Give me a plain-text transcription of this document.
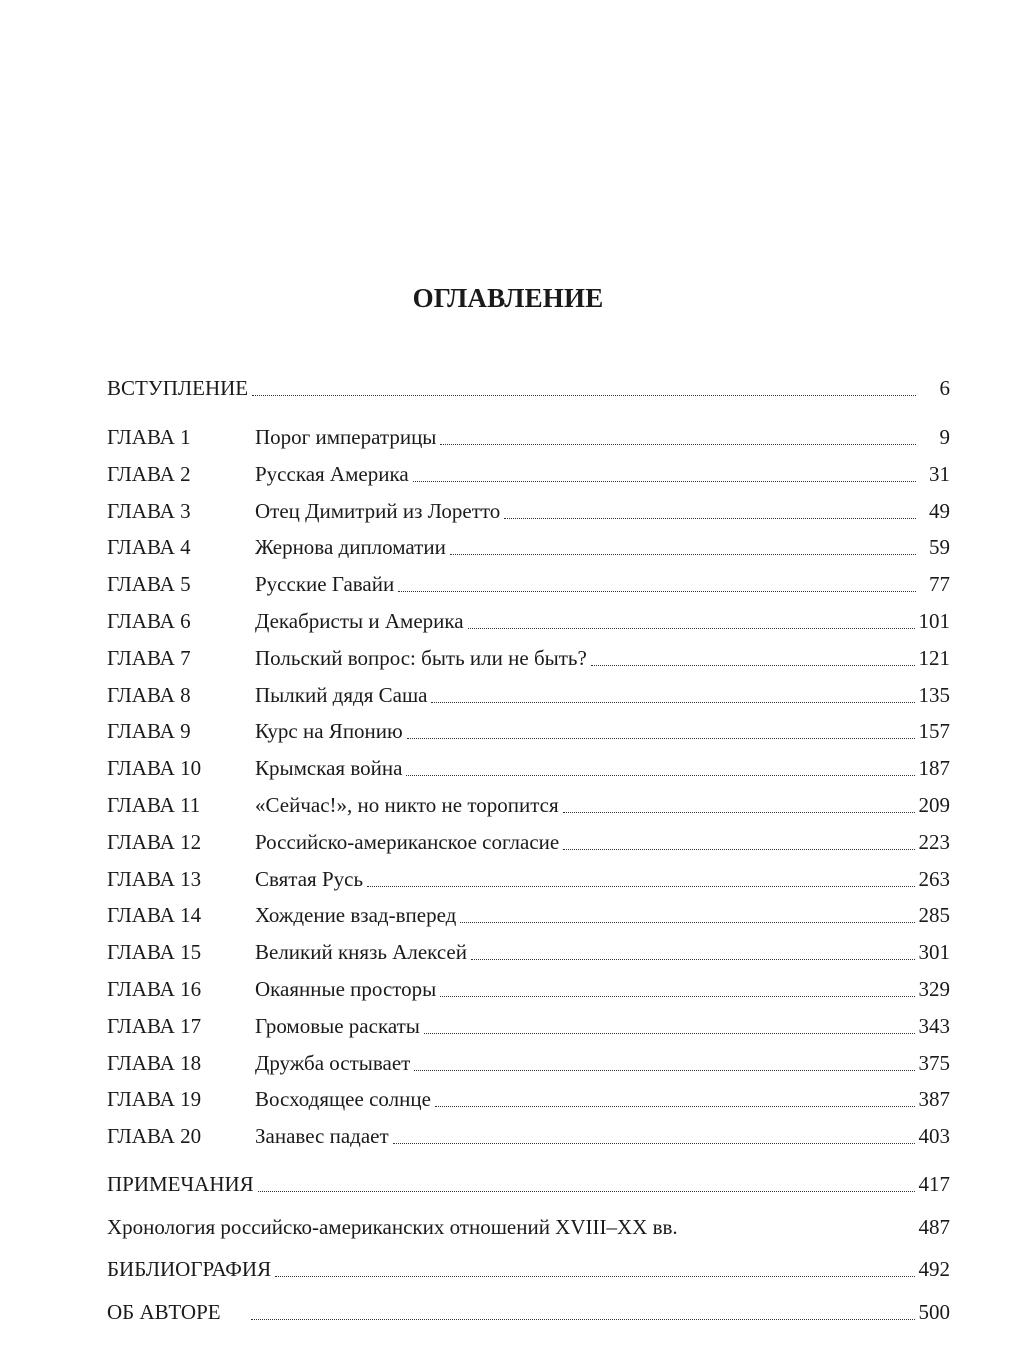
ОГЛАВЛЕНИЕ
ВСТУПЛЕНИЕ	6
ГЛАВА 1	Порог императрицы	9
ГЛАВА 2	Русская Америка	31
ГЛАВА 3	Отец Димитрий из Лоретто	49
ГЛАВА 4	Жернова дипломатии	59
ГЛАВА 5	Русские Гавайи	77
ГЛАВА 6	Декабристы и Америка	101
ГЛАВА 7	Польский вопрос: быть или не быть?	121
ГЛАВА 8	Пылкий дядя Саша	135
ГЛАВА 9	Курс на Японию	157
ГЛАВА 10	Крымская война	187
ГЛАВА 11	«Сейчас!», но никто не торопится	209
ГЛАВА 12	Российско-американское согласие	223
ГЛАВА 13	Святая Русь	263
ГЛАВА 14	Хождение взад-вперед	285
ГЛАВА 15	Великий князь Алексей	301
ГЛАВА 16	Окаянные просторы	329
ГЛАВА 17	Громовые раскаты	343
ГЛАВА 18	Дружба остывает	375
ГЛАВА 19	Восходящее солнце	387
ГЛАВА 20	Занавес падает	403
ПРИМЕЧАНИЯ	417
Хронология российско-американских отношений XVIII–XX вв.	487
БИБЛИОГРАФИЯ	492
ОБ АВТОРЕ	500
